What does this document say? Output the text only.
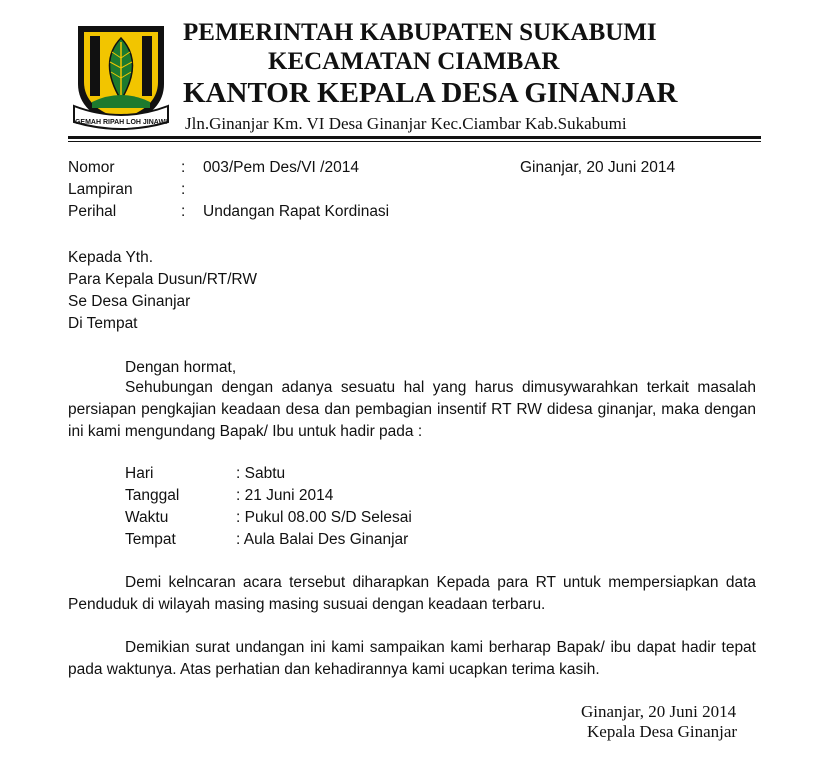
GEMAH RIPAH LOH JINAWI
PEMERINTAH KABUPATEN SUKABUMI
KECAMATAN CIAMBAR
KANTOR KEPALA DESA GINANJAR
Jln.Ginanjar Km. VI Desa Ginanjar Kec.Ciambar Kab.Sukabumi
Nomor	: 003/Pem Des/VI /2014	Ginanjar, 20 Juni 2014
Lampiran	:
Perihal	: Undangan Rapat Kordinasi
Kepada Yth.
Para Kepala Dusun/RT/RW
Se Desa Ginanjar
Di Tempat
Dengan hormat,
Sehubungan dengan adanya sesuatu hal yang harus dimusywarahkan terkait masalah persiapan pengkajian keadaan desa dan pembagian insentif RT RW didesa ginanjar, maka dengan ini kami mengundang Bapak/ Ibu untuk hadir pada :
Hari	: Sabtu
Tanggal	: 21 Juni 2014
Waktu	: Pukul 08.00 S/D Selesai
Tempat	: Aula Balai Des Ginanjar
Demi kelncaran acara tersebut diharapkan Kepada para RT untuk mempersiapkan data Penduduk di wilayah masing masing susuai dengan keadaan terbaru.
Demikian surat undangan ini kami sampaikan kami berharap Bapak/ ibu dapat hadir tepat pada waktunya. Atas perhatian dan kehadirannya kami ucapkan terima kasih.
Ginanjar, 20 Juni 2014
Kepala Desa Ginanjar
